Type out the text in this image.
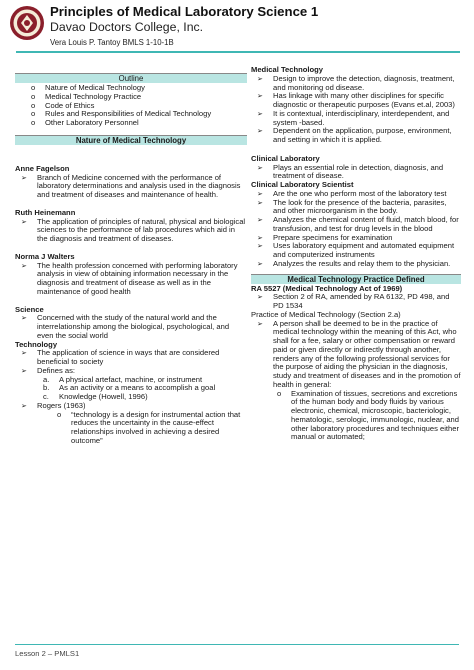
Principles of Medical Laboratory Science 1
Davao Doctors College, Inc.
Vera Louis P. Tantoy BMLS 1-10-1B
Outline
o	Nature of Medical Technology
o	Medical Technology Practice
o	Code of Ethics
o	Rules and Responsibilities of Medical Technology
o	Other Laboratory Personnel
Nature of Medical Technology
Anne Fagelson
➢	Branch of Medicine concerned with the performance of laboratory determinations and analysis used in the diagnosis and treatment of diseases and maintenance of health.
Ruth Heinemann
➢	The application of principles of natural, physical and biological sciences to the performance of lab procedures which aid in the diagnosis and treatment of diseases.
Norma J Walters
➢	The health profession concerned with performing laboratory analysis in view of obtaining information necessary in the diagnosis and treatment of disease as well as in the maintenance of good health
Science
➢	Concerned with the study of the natural world and the interrelationship among the biological, psychological, and even the social world
Technology
➢	The application of science in ways that are considered beneficial to society
➢	Defines as:
a.	A physical artefact, machine, or instrument
b.	As an activity or a means to accomplish a goal
c.	Knowledge (Howell, 1996)
➢	Rogers (1963)
o	“technology is a design for instrumental action that reduces the uncertainty in the cause-effect relationships involved in achieving a desired outcome”
Medical Technology
➢	Design to improve the detection, diagnosis, treatment, and monitoring od disease.
➢	Has linkage with many other disciplines for specific diagnostic or therapeutic purposes (Evans et.al, 2003)
➢	It is contextual, interdisciplinary, interdependent, and system -based.
➢	Dependent on the application, purpose, environment, and setting in which it is applied.
Clinical Laboratory
➢	Plays an essential role in detection, diagnosis, and treatment of disease.
Clinical Laboratory Scientist
➢	Are the one who perform most of the laboratory test
➢	The look for the presence of the bacteria, parasites, and other microorganism in the body.
➢	Analyzes the chemical content of fluid, match blood, for transfusion, and test for drug levels in the blood
➢	Prepare specimens for examination
➢	Uses laboratory equipment and automated equipment and computerized instruments
➢	Analyzes the results and relay them to the physician.
Medical Technology Practice Defined
RA 5527 (Medical Technology Act of 1969)
➢	Section 2 of RA, amended by RA 6132, PD 498, and PD 1534
Practice of Medical Technology (Section 2.a)
➢	A person shall be deemed to be in the practice of medical technology within the meaning of this Act, who shall for a fee, salary or other compensation or reward paid or given directly or indirectly through another, renders any of the following professional services for the purpose of aiding the physician in the diagnosis, study and treatment of diseases and in the promotion of health in general:
o	Examination of tissues, secretions and excretions of the human body and body fluids by various electronic, chemical, microscopic, bacteriologic, hematologic, serologic, immunologic, nuclear, and other laboratory procedures and techniques either manual or automated;
Lesson 2 – PMLS1
